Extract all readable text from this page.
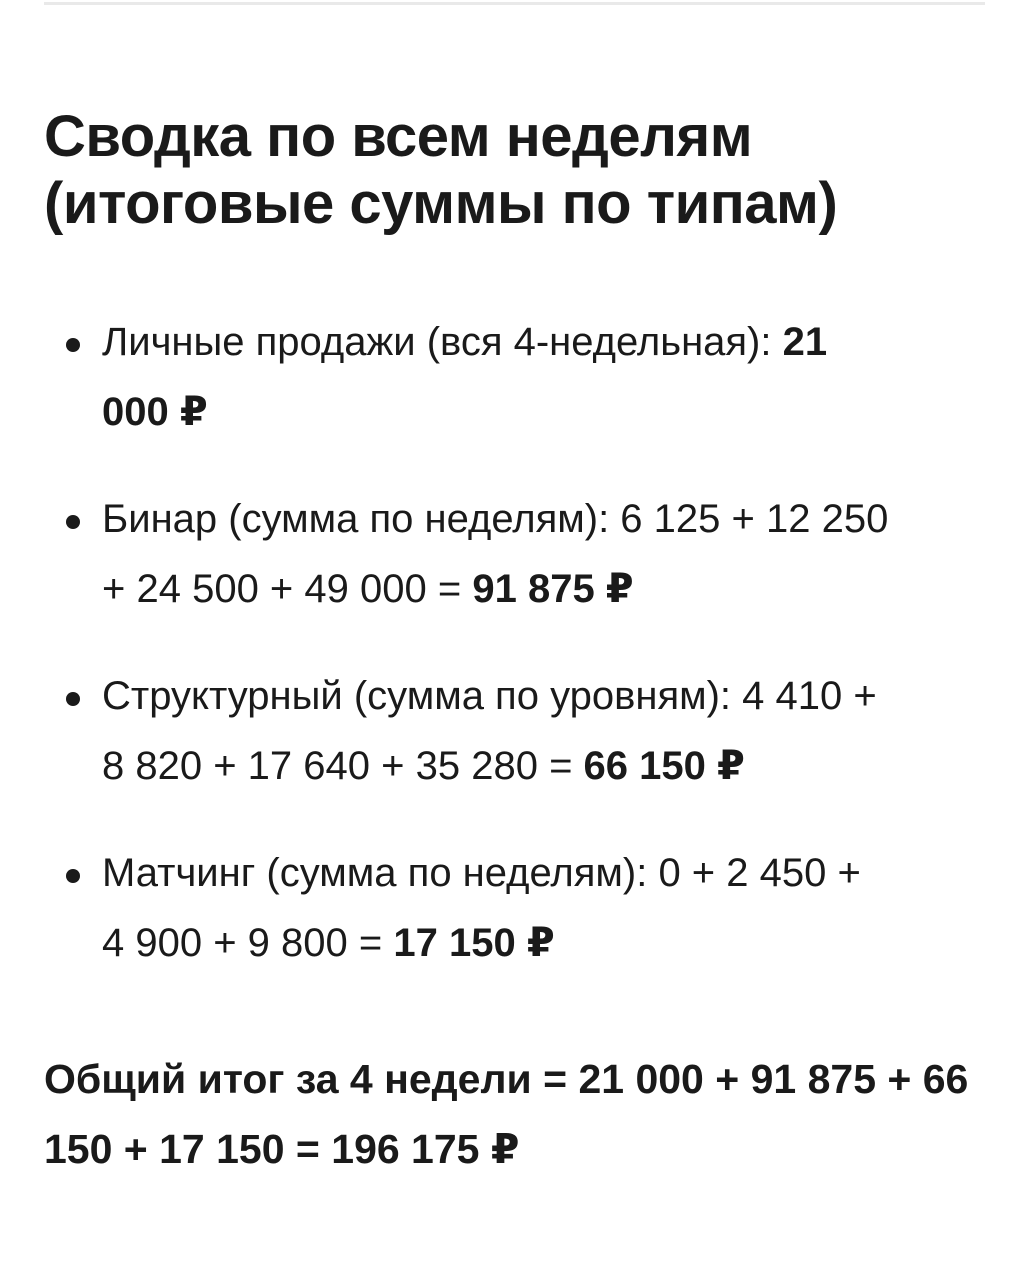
Сводка по всем неделям (итоговые суммы по типам)
Личные продажи (вся 4-недельная): 21 000 ₽
Бинар (сумма по неделям): 6 125 + 12 250 + 24 500 + 49 000 = 91 875 ₽
Структурный (сумма по уровням): 4 410 + 8 820 + 17 640 + 35 280 = 66 150 ₽
Матчинг (сумма по неделям): 0 + 2 450 + 4 900 + 9 800 = 17 150 ₽

Общий итог за 4 недели = 21 000 + 91 875 + 66 150 + 17 150 = 196 175 ₽
